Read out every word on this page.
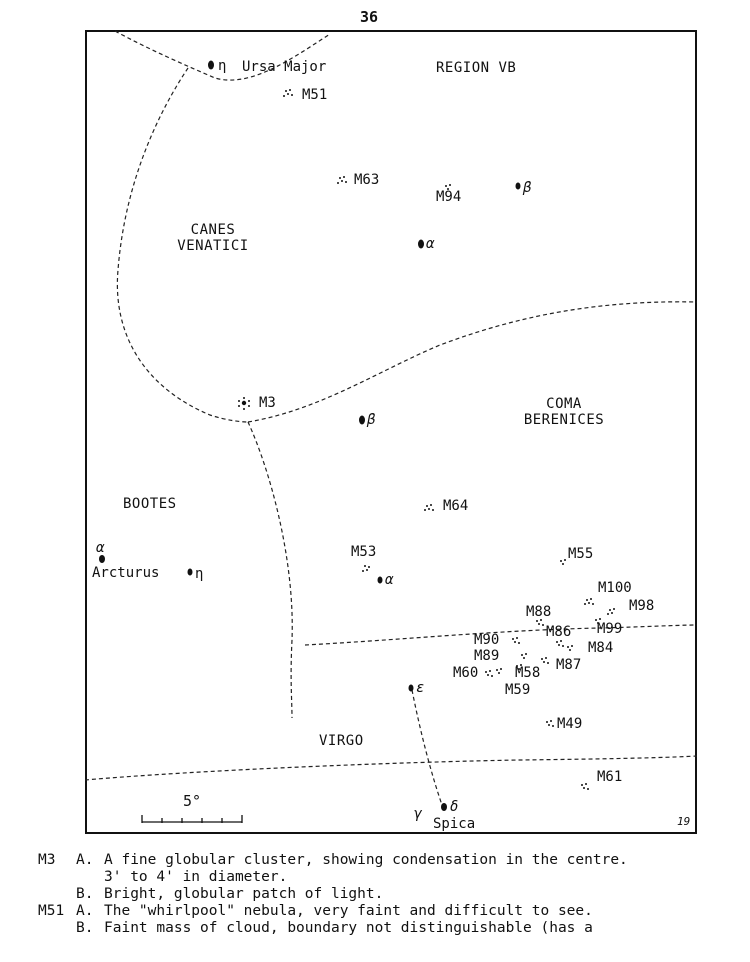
36
REGION VB
CANES
VENATICI
COMA
BERENICES
BOOTES
VIRGO
η Ursa Major
β
α
β
α
α
Arcturus	η
ε
δ
γ
Spica
M51
M63
M94
M3
M64
M53	M55
M100
M98
M88
M99
M86
M90	M84
M89
M87
M60	M58
M59
M49
M61
5°
19
M3	A. A fine globular cluster, showing condensation in the centre.
3' to 4' in diameter.
B. Bright, globular patch of light.
M51 A. The "whirlpool" nebula, very faint and difficult to see.
B. Faint mass of cloud, boundary not distinguishable (has a
